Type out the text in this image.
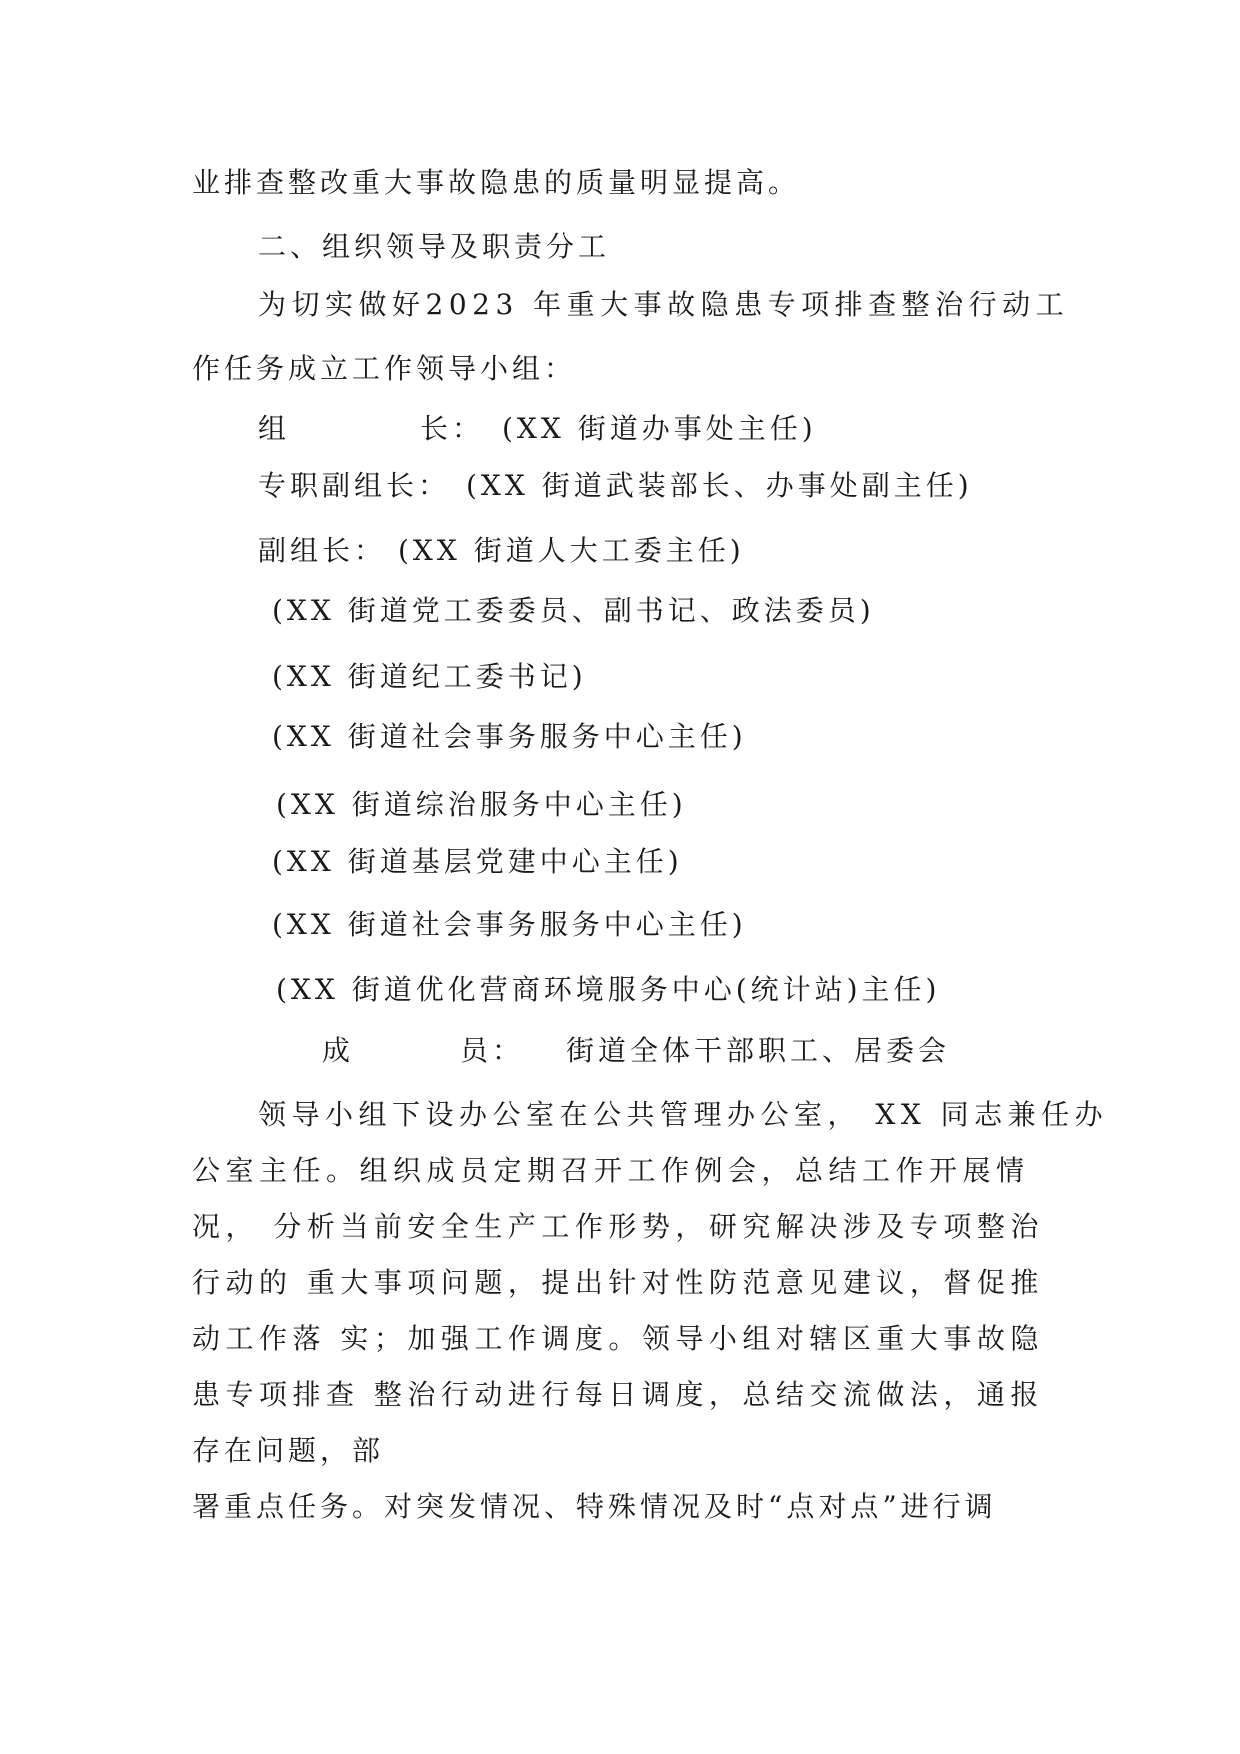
业排查整改重大事故隐患的质量明显提高。
二、组织领导及职责分工
为切实做好2023 年重大事故隐患专项排查整治行动工
作任务成立工作领导小组：
组	长： (XX 街道办事处主任)
专职副组长： (XX 街道武装部长、办事处副主任)
副组长： (XX 街道人大工委主任)
(XX 街道党工委委员、副书记、政法委员)
(XX 街道纪工委书记)
(XX 街道社会事务服务中心主任)
(XX 街道综治服务中心主任)
(XX 街道基层党建中心主任)
(XX 街道社会事务服务中心主任)
(XX 街道优化营商环境服务中心(统计站)主任)
成	员： 街道全体干部职工、居委会
领导小组下设办公室在公共管理办公室， XX 同志兼任办
公室主任。组织成员定期召开工作例会，总结工作开展情
况， 分析当前安全生产工作形势，研究解决涉及专项整治
行动的 重大事项问题，提出针对性防范意见建议，督促推
动工作落 实；加强工作调度。领导小组对辖区重大事故隐
患专项排查 整治行动进行每日调度，总结交流做法，通报
存在问题，部
署重点任务。对突发情况、特殊情况及时“点对点”进行调
